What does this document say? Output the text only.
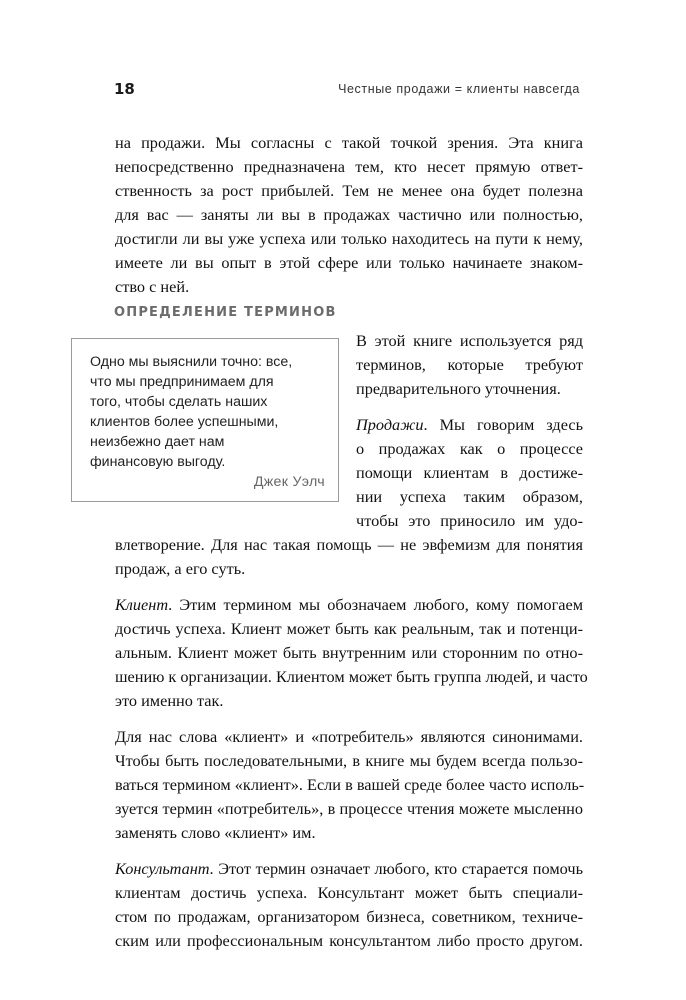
18	Честные продажи = клиенты навсегда
на продажи. Мы согласны с такой точкой зрения. Эта книга
непосредственно предназначена тем, кто несет прямую ответ-
ственность за рост прибылей. Тем не менее она будет полезна
для вас — заняты ли вы в продажах частично или полностью,
достигли ли вы уже успеха или только находитесь на пути к нему,
имеете ли вы опыт в этой сфере или только начинаете знаком-
ство с ней.
ОПРЕДЕЛЕНИЕ ТЕРМИНОВ
Одно мы выяснили точно: все,
что мы предпринимаем для
того, чтобы сделать наших
клиентов более успешными,
неизбежно дает нам
финансовую выгоду.
Джек Уэлч
В этой книге используется ряд
терминов, которые требуют
предварительного уточнения.
Продажи. Мы говорим здесь
о продажах как о процессе
помощи клиентам в достиже-
нии успеха таким образом,
чтобы это приносило им удо-
влетворение. Для нас такая помощь — не эвфемизм для понятия
продаж, а его суть.
Клиент. Этим термином мы обозначаем любого, кому помогаем
достичь успеха. Клиент может быть как реальным, так и потенци-
альным. Клиент может быть внутренним или сторонним по отно-
шению к организации. Клиентом может быть группа людей, и часто
это именно так.
Для нас слова «клиент» и «потребитель» являются синонимами.
Чтобы быть последовательными, в книге мы будем всегда пользо-
ваться термином «клиент». Если в вашей среде более часто исполь-
зуется термин «потребитель», в процессе чтения можете мысленно
заменять слово «клиент» им.
Консультант. Этот термин означает любого, кто старается помочь
клиентам достичь успеха. Консультант может быть специали-
стом по продажам, организатором бизнеса, советником, техниче-
ским или профессиональным консультантом либо просто другом.
